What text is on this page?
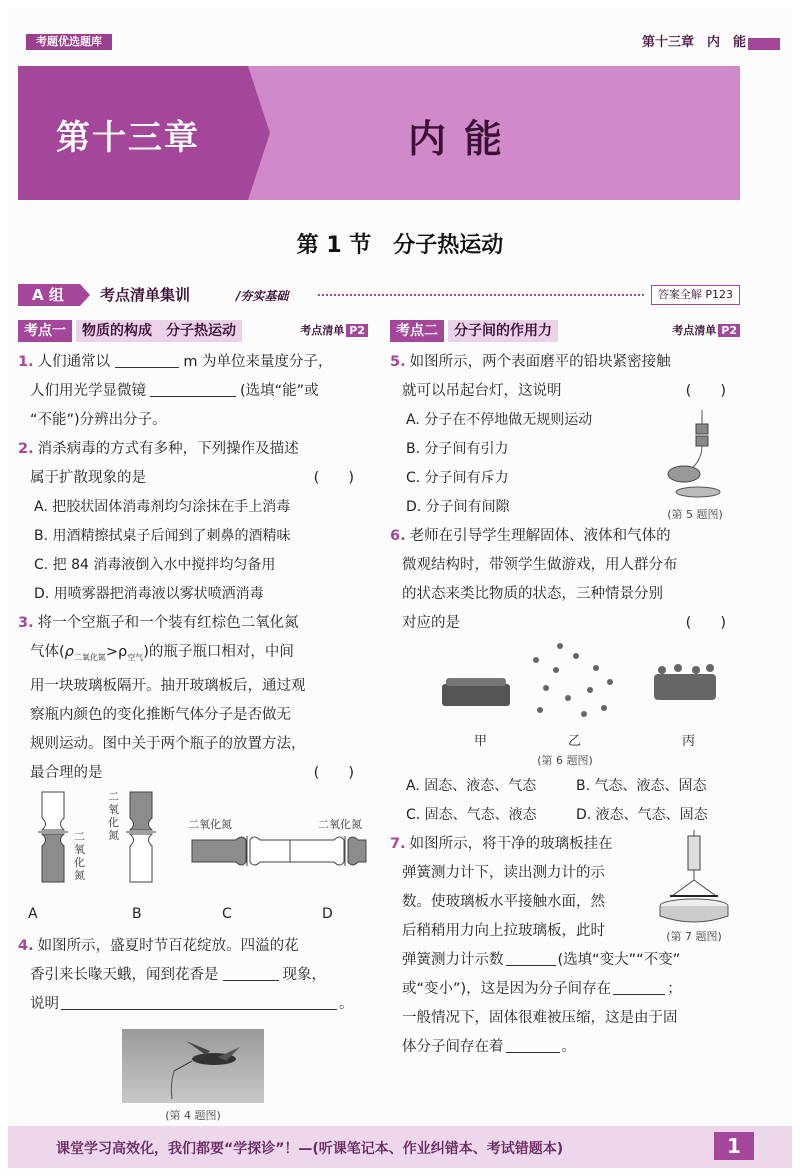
考题优选题库	第十三章　内　能
第十三章	内能
第 1 节　分子热运动
A 组	考点清单集训	/夯实基础	答案全解 P123
考点一	物质的构成　分子热运动	考点清单 P2
1. 人们通常以	m 为单位来量度分子，
人们用光学显微镜	(选填“能”或
“不能”)分辨出分子。
2. 消杀病毒的方式有多种，下列操作及描述
属于扩散现象的是	(　　)
A. 把胶状固体消毒剂均匀涂抹在手上消毒
B. 用酒精擦拭桌子后闻到了刺鼻的酒精味
C. 把 84 消毒液倒入水中搅拌均匀备用
D. 用喷雾器把消毒液以雾状喷洒消毒
3. 将一个空瓶子和一个装有红棕色二氧化氮
气体$(\rho_{二氧化氮}>\rho_{空气})$的瓶子瓶口相对，中间
用一块玻璃板隔开。抽开玻璃板后，通过观
察瓶内颜色的变化推断气体分子是否做无
规则运动。图中关于两个瓶子的放置方法，
最合理的是	(　　)
二氧化氮
二氧化氮
二氧化氮	二氧化氮
A	B	C	D
4. 如图所示，盛夏时节百花绽放。四溢的花
香引来长喙天蛾，闻到花香是	现象，
说明	。
(第 4 题图)
考点二	分子间的作用力	考点清单 P2
5. 如图所示，两个表面磨平的铅块紧密接触
就可以吊起台灯，这说明	(　　)
A. 分子在不停地做无规则运动
B. 分子间有引力
C. 分子间有斥力
D. 分子间有间隙	(第 5 题图)
6. 老师在引导学生理解固体、液体和气体的
微观结构时，带领学生做游戏，用人群分布
的状态来类比物质的状态，三种情景分别
对应的是	(　　)
甲	乙	丙
(第 6 题图)
A. 固态、液态、气态	B. 气态、液态、固态
C. 固态、气态、液态	D. 液态、气态、固态
7. 如图所示，将干净的玻璃板挂在
弹簧测力计下，读出测力计的示
数。使玻璃板水平接触水面，然
后稍稍用力向上拉玻璃板，此时
弹簧测力计示数	(选填“变大”“不变”
或“变小”)，这是因为分子间存在	；
一般情况下，固体很难被压缩，这是由于固
体分子间存在着	。
(第 7 题图)
课堂学习高效化，我们都要“学探诊”！—(听课笔记本、作业纠错本、考试错题本)	1
